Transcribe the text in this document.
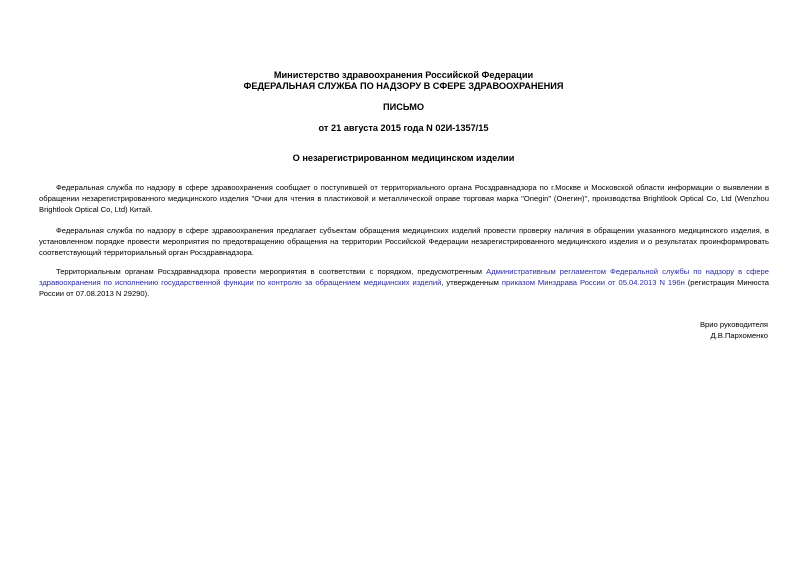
Министерство здравоохранения Российской Федерации
ФЕДЕРАЛЬНАЯ СЛУЖБА ПО НАДЗОРУ В СФЕРЕ ЗДРАВООХРАНЕНИЯ
ПИСЬМО
от 21 августа 2015 года N 02И-1357/15
О незарегистрированном медицинском изделии

Федеральная служба по надзору в сфере здравоохранения сообщает о поступившей от территориального органа Росздравнадзора по г.Москве и Московской области информации о выявлении в обращении незарегистрированного медицинского изделия "Очки для чтения в пластиковой и металлической оправе торговая марка "Onegin" (Онегин)", производства Brightlook Optical Co, Ltd (Wenzhou Brightlook Optical Co, Ltd) Китай.

Федеральная служба по надзору в сфере здравоохранения предлагает субъектам обращения медицинских изделий провести проверку наличия в обращении указанного медицинского изделия, в установленном порядке провести мероприятия по предотвращению обращения на территории Российской Федерации незарегистрированного медицинского изделия и о результатах проинформировать соответствующий территориальный орган Росздравнадзора.

Территориальным органам Росздравнадзора провести мероприятия в соответствии с порядком, предусмотренным Административным регламентом Федеральной службы по надзору в сфере здравоохранения по исполнению государственной функции по контролю за обращением медицинских изделий, утвержденным приказом Минздрава России от 05.04.2013 N 196н (регистрация Минюста России от 07.08.2013 N 29290).

Врио руководителя
Д.В.Пархоменко
